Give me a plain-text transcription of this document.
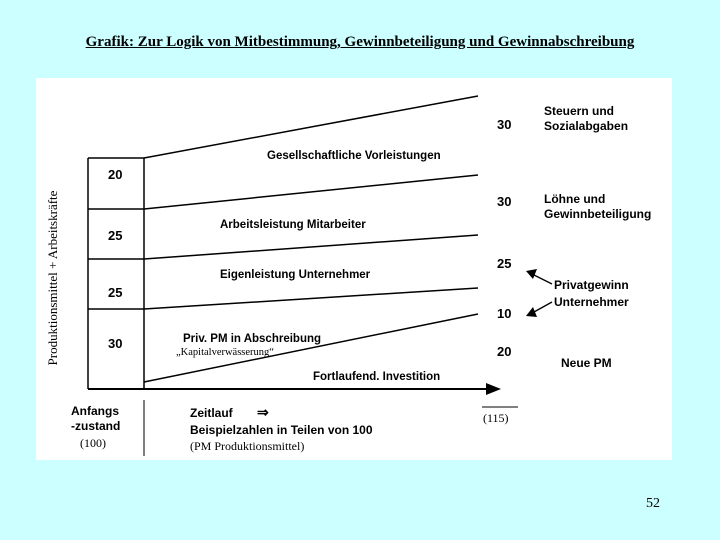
Grafik: Zur Logik von Mitbestimmung, Gewinnbeteiligung und Gewinnabschreibung
Produktionsmittel + Arbeitskräfte
Gesellschaftliche Vorleistungen
Arbeitsleistung Mitarbeiter
Eigenleistung Unternehmer
Priv. PM in Abschreibung
„Kapitalverwässerung“
Fortlaufend. Investition
20
25
25
30
30
30
25
10
20
Steuern und
Sozialabgaben
Löhne und
Gewinnbeteiligung
Privatgewinn
Unternehmer
Neue PM
Anfangs
-zustand
(100)
Zeitlauf ⇒
Beispielzahlen in Teilen von 100
(PM Produktionsmittel)
(115)
52
